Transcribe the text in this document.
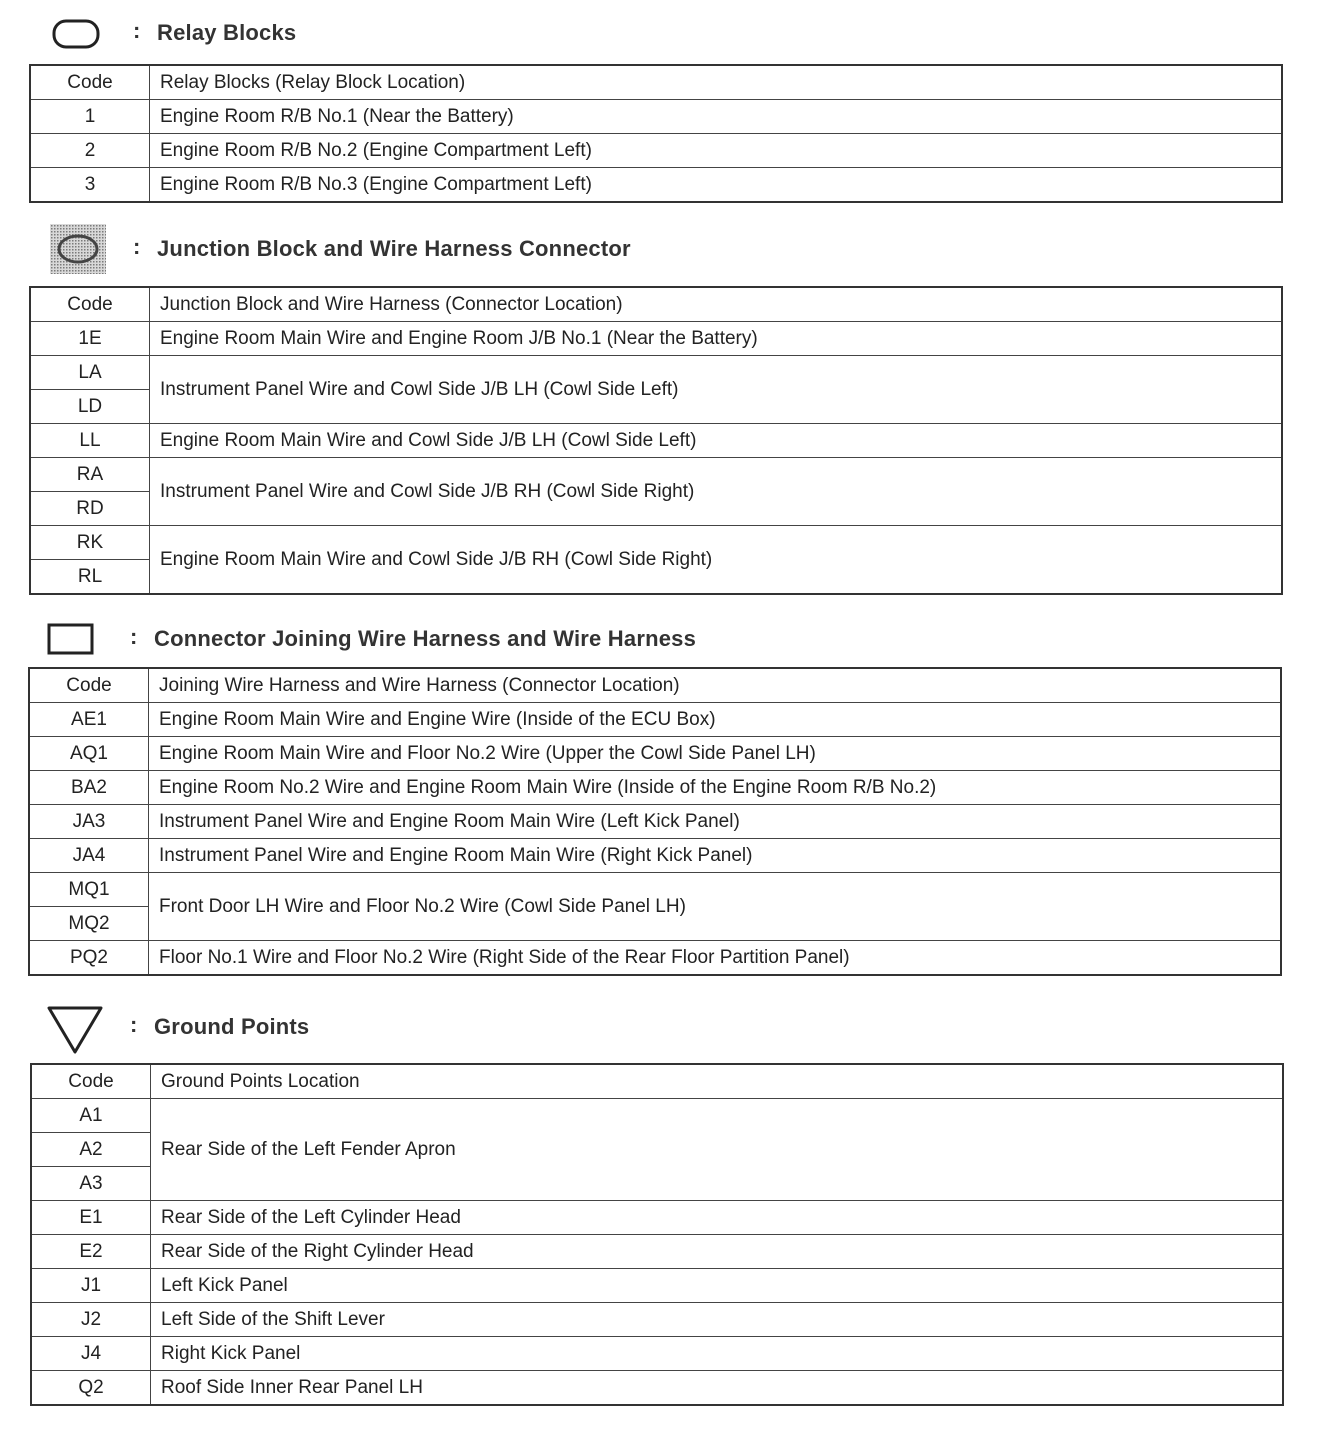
: Relay Blocks
Code	Relay Blocks (Relay Block Location)
1	Engine Room R/B No.1 (Near the Battery)
2	Engine Room R/B No.2 (Engine Compartment Left)
3	Engine Room R/B No.3 (Engine Compartment Left)
: Junction Block and Wire Harness Connector
Code	Junction Block and Wire Harness (Connector Location)
1E	Engine Room Main Wire and Engine Room J/B No.1 (Near the Battery)
LA	Instrument Panel Wire and Cowl Side J/B LH (Cowl Side Left)
LD	
LL	Engine Room Main Wire and Cowl Side J/B LH (Cowl Side Left)
RA	Instrument Panel Wire and Cowl Side J/B RH (Cowl Side Right)
RD	
RK	Engine Room Main Wire and Cowl Side J/B RH (Cowl Side Right)
RL	
: Connector Joining Wire Harness and Wire Harness
Code	Joining Wire Harness and Wire Harness (Connector Location)
AE1	Engine Room Main Wire and Engine Wire (Inside of the ECU Box)
AQ1	Engine Room Main Wire and Floor No.2 Wire (Upper the Cowl Side Panel LH)
BA2	Engine Room No.2 Wire and Engine Room Main Wire (Inside of the Engine Room R/B No.2)
JA3	Instrument Panel Wire and Engine Room Main Wire (Left Kick Panel)
JA4	Instrument Panel Wire and Engine Room Main Wire (Right Kick Panel)
MQ1	Front Door LH Wire and Floor No.2 Wire (Cowl Side Panel LH)
MQ2	
PQ2	Floor No.1 Wire and Floor No.2 Wire (Right Side of the Rear Floor Partition Panel)
: Ground Points
Code	Ground Points Location
A1	Rear Side of the Left Fender Apron
A2	
A3	
E1	Rear Side of the Left Cylinder Head
E2	Rear Side of the Right Cylinder Head
J1	Left Kick Panel
J2	Left Side of the Shift Lever
J4	Right Kick Panel
Q2	Roof Side Inner Rear Panel LH
